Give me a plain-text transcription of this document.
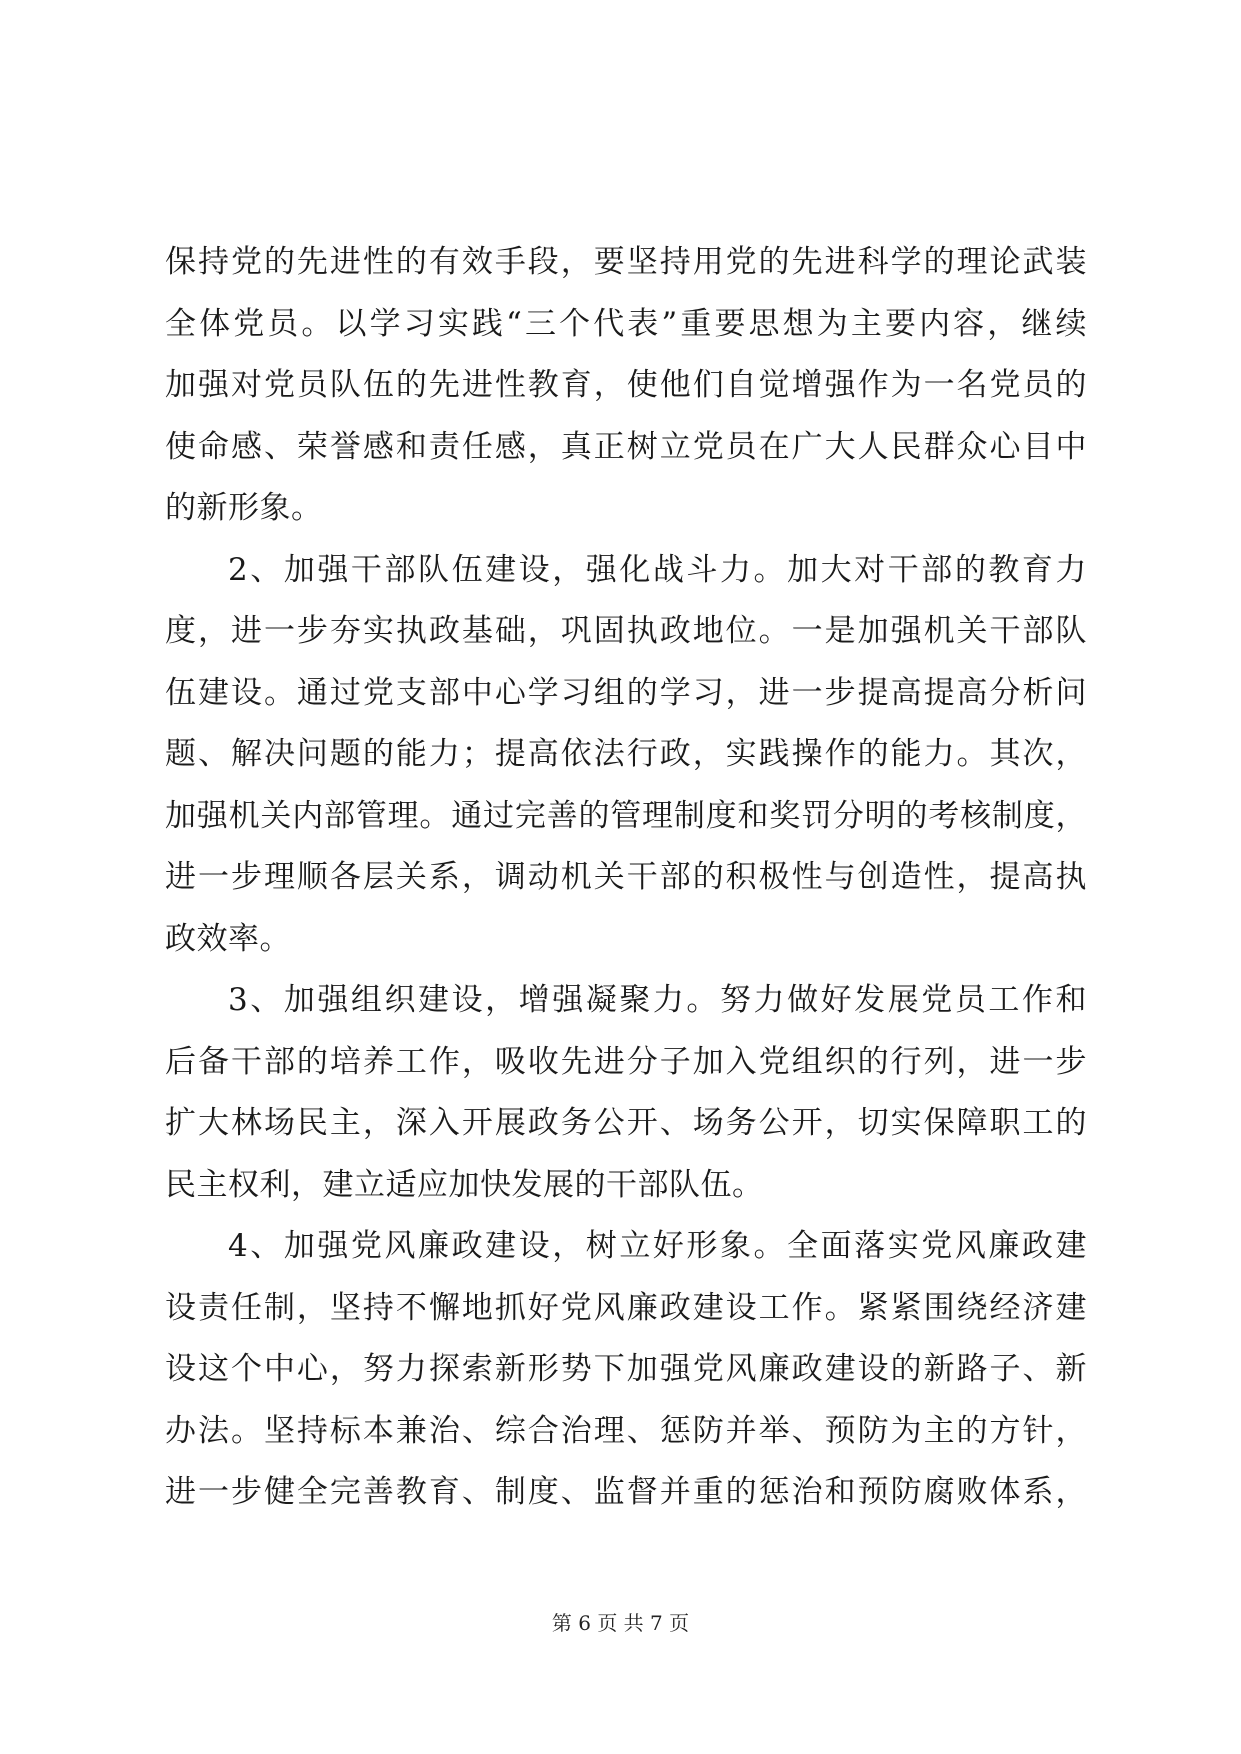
保持党的先进性的有效手段，要坚持用党的先进科学的理论武装
全体党员。以学习实践“三个代表”重要思想为主要内容，继续
加强对党员队伍的先进性教育，使他们自觉增强作为一名党员的
使命感、荣誉感和责任感，真正树立党员在广大人民群众心目中
的新形象。
2、加强干部队伍建设，强化战斗力。加大对干部的教育力
度，进一步夯实执政基础，巩固执政地位。一是加强机关干部队
伍建设。通过党支部中心学习组的学习，进一步提高提高分析问
题、解决问题的能力；提高依法行政，实践操作的能力。其次，
加强机关内部管理。通过完善的管理制度和奖罚分明的考核制度，
进一步理顺各层关系，调动机关干部的积极性与创造性，提高执
政效率。
3、加强组织建设，增强凝聚力。努力做好发展党员工作和
后备干部的培养工作，吸收先进分子加入党组织的行列，进一步
扩大林场民主，深入开展政务公开、场务公开，切实保障职工的
民主权利，建立适应加快发展的干部队伍。
4、加强党风廉政建设，树立好形象。全面落实党风廉政建
设责任制，坚持不懈地抓好党风廉政建设工作。紧紧围绕经济建
设这个中心，努力探索新形势下加强党风廉政建设的新路子、新
办法。坚持标本兼治、综合治理、惩防并举、预防为主的方针，
进一步健全完善教育、制度、监督并重的惩治和预防腐败体系，
第 6 页 共 7 页
